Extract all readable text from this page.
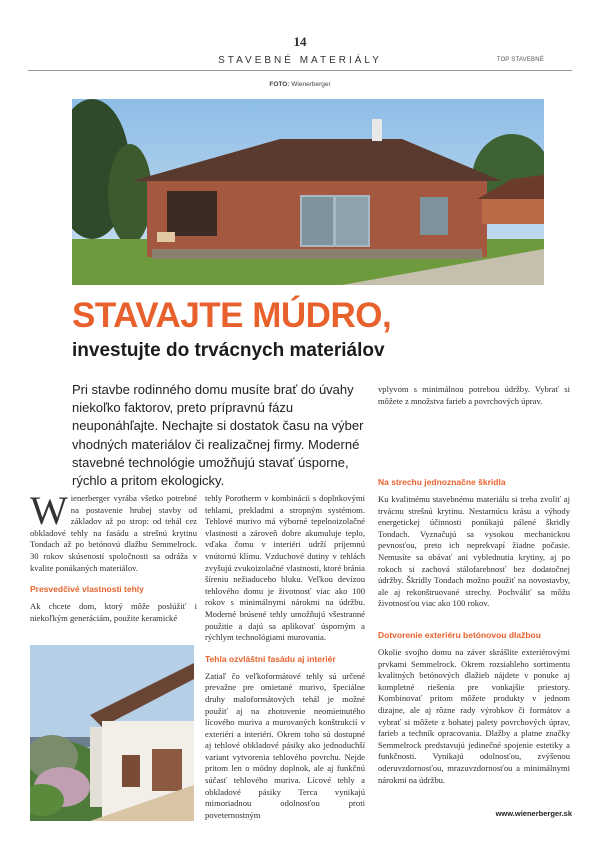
14
STAVEBNÉ MATERIÁLY	TOP STAVEBNÉ
FOTO: Wienerberger
STAVAJTE MÚDRO,
investujte do trvácnych materiálov
Pri stavbe rodinného domu musíte brať do úvahy niekoľko faktorov, preto prípravnú fázu neuponáhľajte. Nechajte si dostatok času na výber vhodných materiálov či realizačnej firmy. Moderné stavebné technológie umožňujú stavať úsporne, rýchlo a pritom ekologicky.
W ienerberger vyrába všetko potrebné na postavenie hrubej stavby od základov až po strop: od tehál cez obkladové tehly na fasádu a strešnú krytinu Tondach až po betónovú dlažbu Semmelrock. 30 rokov skúseností spoločnosti sa odráža v kvalite ponúkaných materiálov.
Presvedčivé vlastnosti tehly

Ak chcete dom, ktorý môže poslúžiť i niekoľkým generáciám, použite keramické

tehly Porotherm v kombinácii s doplnkovými tehlami, prekladmi a stropným systémom. Tehlové murivo má výborné tepelnoizolačné vlastnosti a zároveň dobre akumuluje teplo, vďaka čomu v interiéri udrží príjemnú vnútornú klímu. Vzduchové dutiny v tehlách zvyšujú zvukoizolačné vlastnosti, ktoré bránia šíreniu nežiaduceho hluku. Veľkou devízou tehlového domu je životnosť viac ako 100 rokov s minimálnymi nárokmi na údržbu. Moderné brúsené tehly umožňujú všestranné použitie a dajú sa aplikovať úsporným a rýchlym technológiami murovania.

Tehla ozvláštni fasádu aj interiér

Zatiaľ čo veľkoformátové tehly sú určené prevažne pre omietané murivo, špeciálne druhy maloformátových tehál je možné použiť aj na zhotovenie neomietnutého lícového muriva a murovaných konštrukcií v exteriéri a interiéri. Okrem toho sú dostupné aj tehlové obkladové pásiky ako jednoduchší variant vytvorenia tehlového povrchu. Nejde pritom len o módny doplnok, ale aj funkčnú súčasť tehlového muriva. Lícové tehly a obkladové pásiky Terca vynikajú mimoriadnou odolnosťou proti poveternostným

vplyvom s minimálnou potrebou údržby. Vybrať si môžete z množstva farieb a povrchových úprav.

Na strechu jednoznačne škridla

Ku kvalitnému stavebnému materiálu si treba zvoliť aj trvácnu strešnú krytinu. Nestarnúcu krásu a výhody energetickej účinnosti ponúkajú pálené škridly Tondach. Vyznačujú sa vysokou mechanickou pevnosťou, preto ich neprekvapí žiadne počasie. Nemusíte sa obávať ani vyblednutia krytiny, aj po rokoch si zachová stálofarebnosť bez dodatočnej údržby. Škridly Tondach možno použiť na novostavby, ale aj rekonštruované strechy. Pochváliť sa môžu životnosťou viac ako 100 rokov.

Dotvorenie exteriéru betónovou dlažbou

Okolie svojho domu na záver skrášlite exteriérovými prvkami Semmelrock. Okrem rozsiahleho sortimentu kvalitných betónových dlažieb nájdete v ponuke aj kompletné riešenia pre vonkajšie priestory. Kombinovať pritom môžete produkty v jednom dizajne, ale aj rôzne rady výrobkov či formátov a vybrať si môžete z bohatej palety povrchových úprav, farieb a techník opracovania. Dlažby a platne značky Semmelrock predstavujú jedinečné spojenie estetiky a funkčnosti. Vynikajú odolnosťou, zvýšenou oderuvzdornosťou, mrazuvzdornosťou a minimálnymi nárokmi na údržbu.

www.wienerberger.sk
